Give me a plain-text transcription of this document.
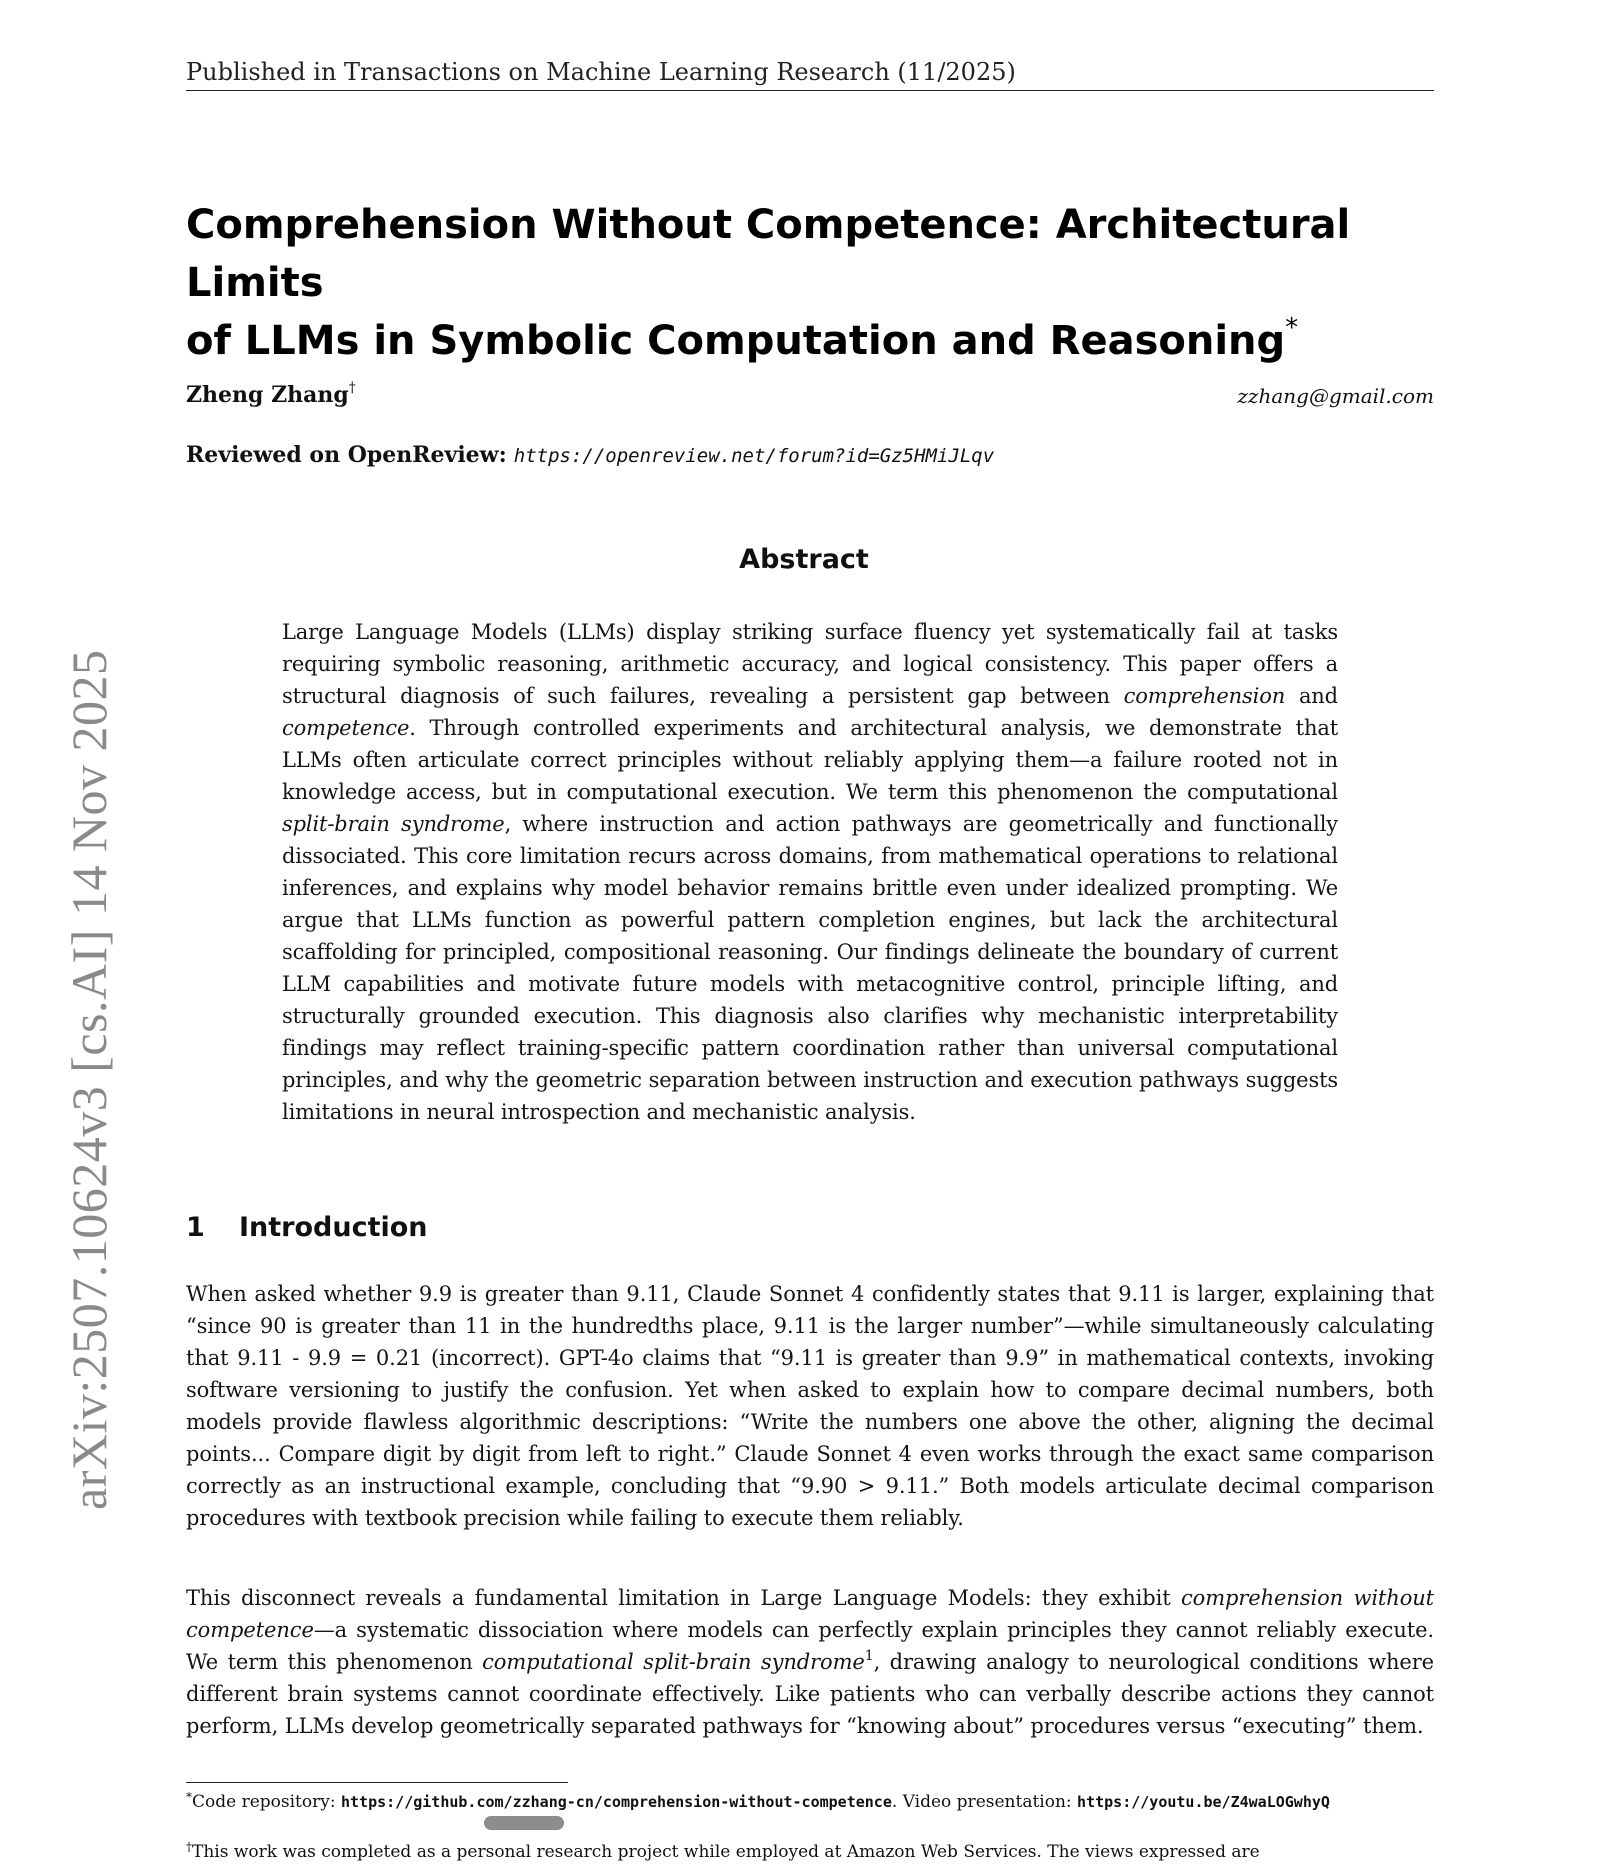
Published in Transactions on Machine Learning Research (11/2025)
arXiv:2507.10624v3 [cs.AI] 14 Nov 2025
Comprehension Without Competence: Architectural Limits
of LLMs in Symbolic Computation and Reasoning*
Zheng Zhang†	zzhang@gmail.com
Reviewed on OpenReview: https://openreview.net/forum?id=Gz5HMiJLqv
Abstract

Large Language Models (LLMs) display striking surface fluency yet systematically fail at tasks requiring symbolic reasoning, arithmetic accuracy, and logical consistency. This paper offers a structural diagnosis of such failures, revealing a persistent gap between comprehension and competence. Through controlled experiments and architectural analysis, we demonstrate that LLMs often articulate correct principles without reliably applying them—a failure rooted not in knowledge access, but in computational execution. We term this phenomenon the computational split-brain syndrome, where instruction and action pathways are geometrically and functionally dissociated. This core limitation recurs across domains, from mathematical operations to relational inferences, and explains why model behavior remains brittle even under idealized prompting. We argue that LLMs function as powerful pattern completion engines, but lack the architectural scaffolding for principled, compositional reasoning. Our findings delineate the boundary of current LLM capabilities and motivate future models with metacognitive control, principle lifting, and structurally grounded execution. This diagnosis also clarifies why mechanistic interpretability findings may reflect training-specific pattern coordination rather than universal computational principles, and why the geometric separation between instruction and execution pathways suggests limitations in neural introspection and mechanistic analysis.

1 Introduction

When asked whether 9.9 is greater than 9.11, Claude Sonnet 4 confidently states that 9.11 is larger, explaining that “since 90 is greater than 11 in the hundredths place, 9.11 is the larger number”—while simultaneously calculating that 9.11 - 9.9 = 0.21 (incorrect). GPT-4o claims that “9.11 is greater than 9.9” in mathematical contexts, invoking software versioning to justify the confusion. Yet when asked to explain how to compare decimal numbers, both models provide flawless algorithmic descriptions: “Write the numbers one above the other, aligning the decimal points... Compare digit by digit from left to right.” Claude Sonnet 4 even works through the exact same comparison correctly as an instructional example, concluding that “9.90 > 9.11.” Both models articulate decimal comparison procedures with textbook precision while failing to execute them reliably.

This disconnect reveals a fundamental limitation in Large Language Models: they exhibit comprehension without competence—a systematic dissociation where models can perfectly explain principles they cannot reliably execute. We term this phenomenon computational split-brain syndrome$^1$, drawing analogy to neurological conditions where different brain systems cannot coordinate effectively. Like patients who can verbally describe actions they cannot perform, LLMs develop geometrically separated pathways for “knowing about” procedures versus “executing” them.

*Code repository: https://github.com/zzhang-cn/comprehension-without-competence. Video presentation: https://youtu.be/Z4waLOGwhyQ
†This work was completed as a personal research project while employed at Amazon Web Services. The views expressed are
